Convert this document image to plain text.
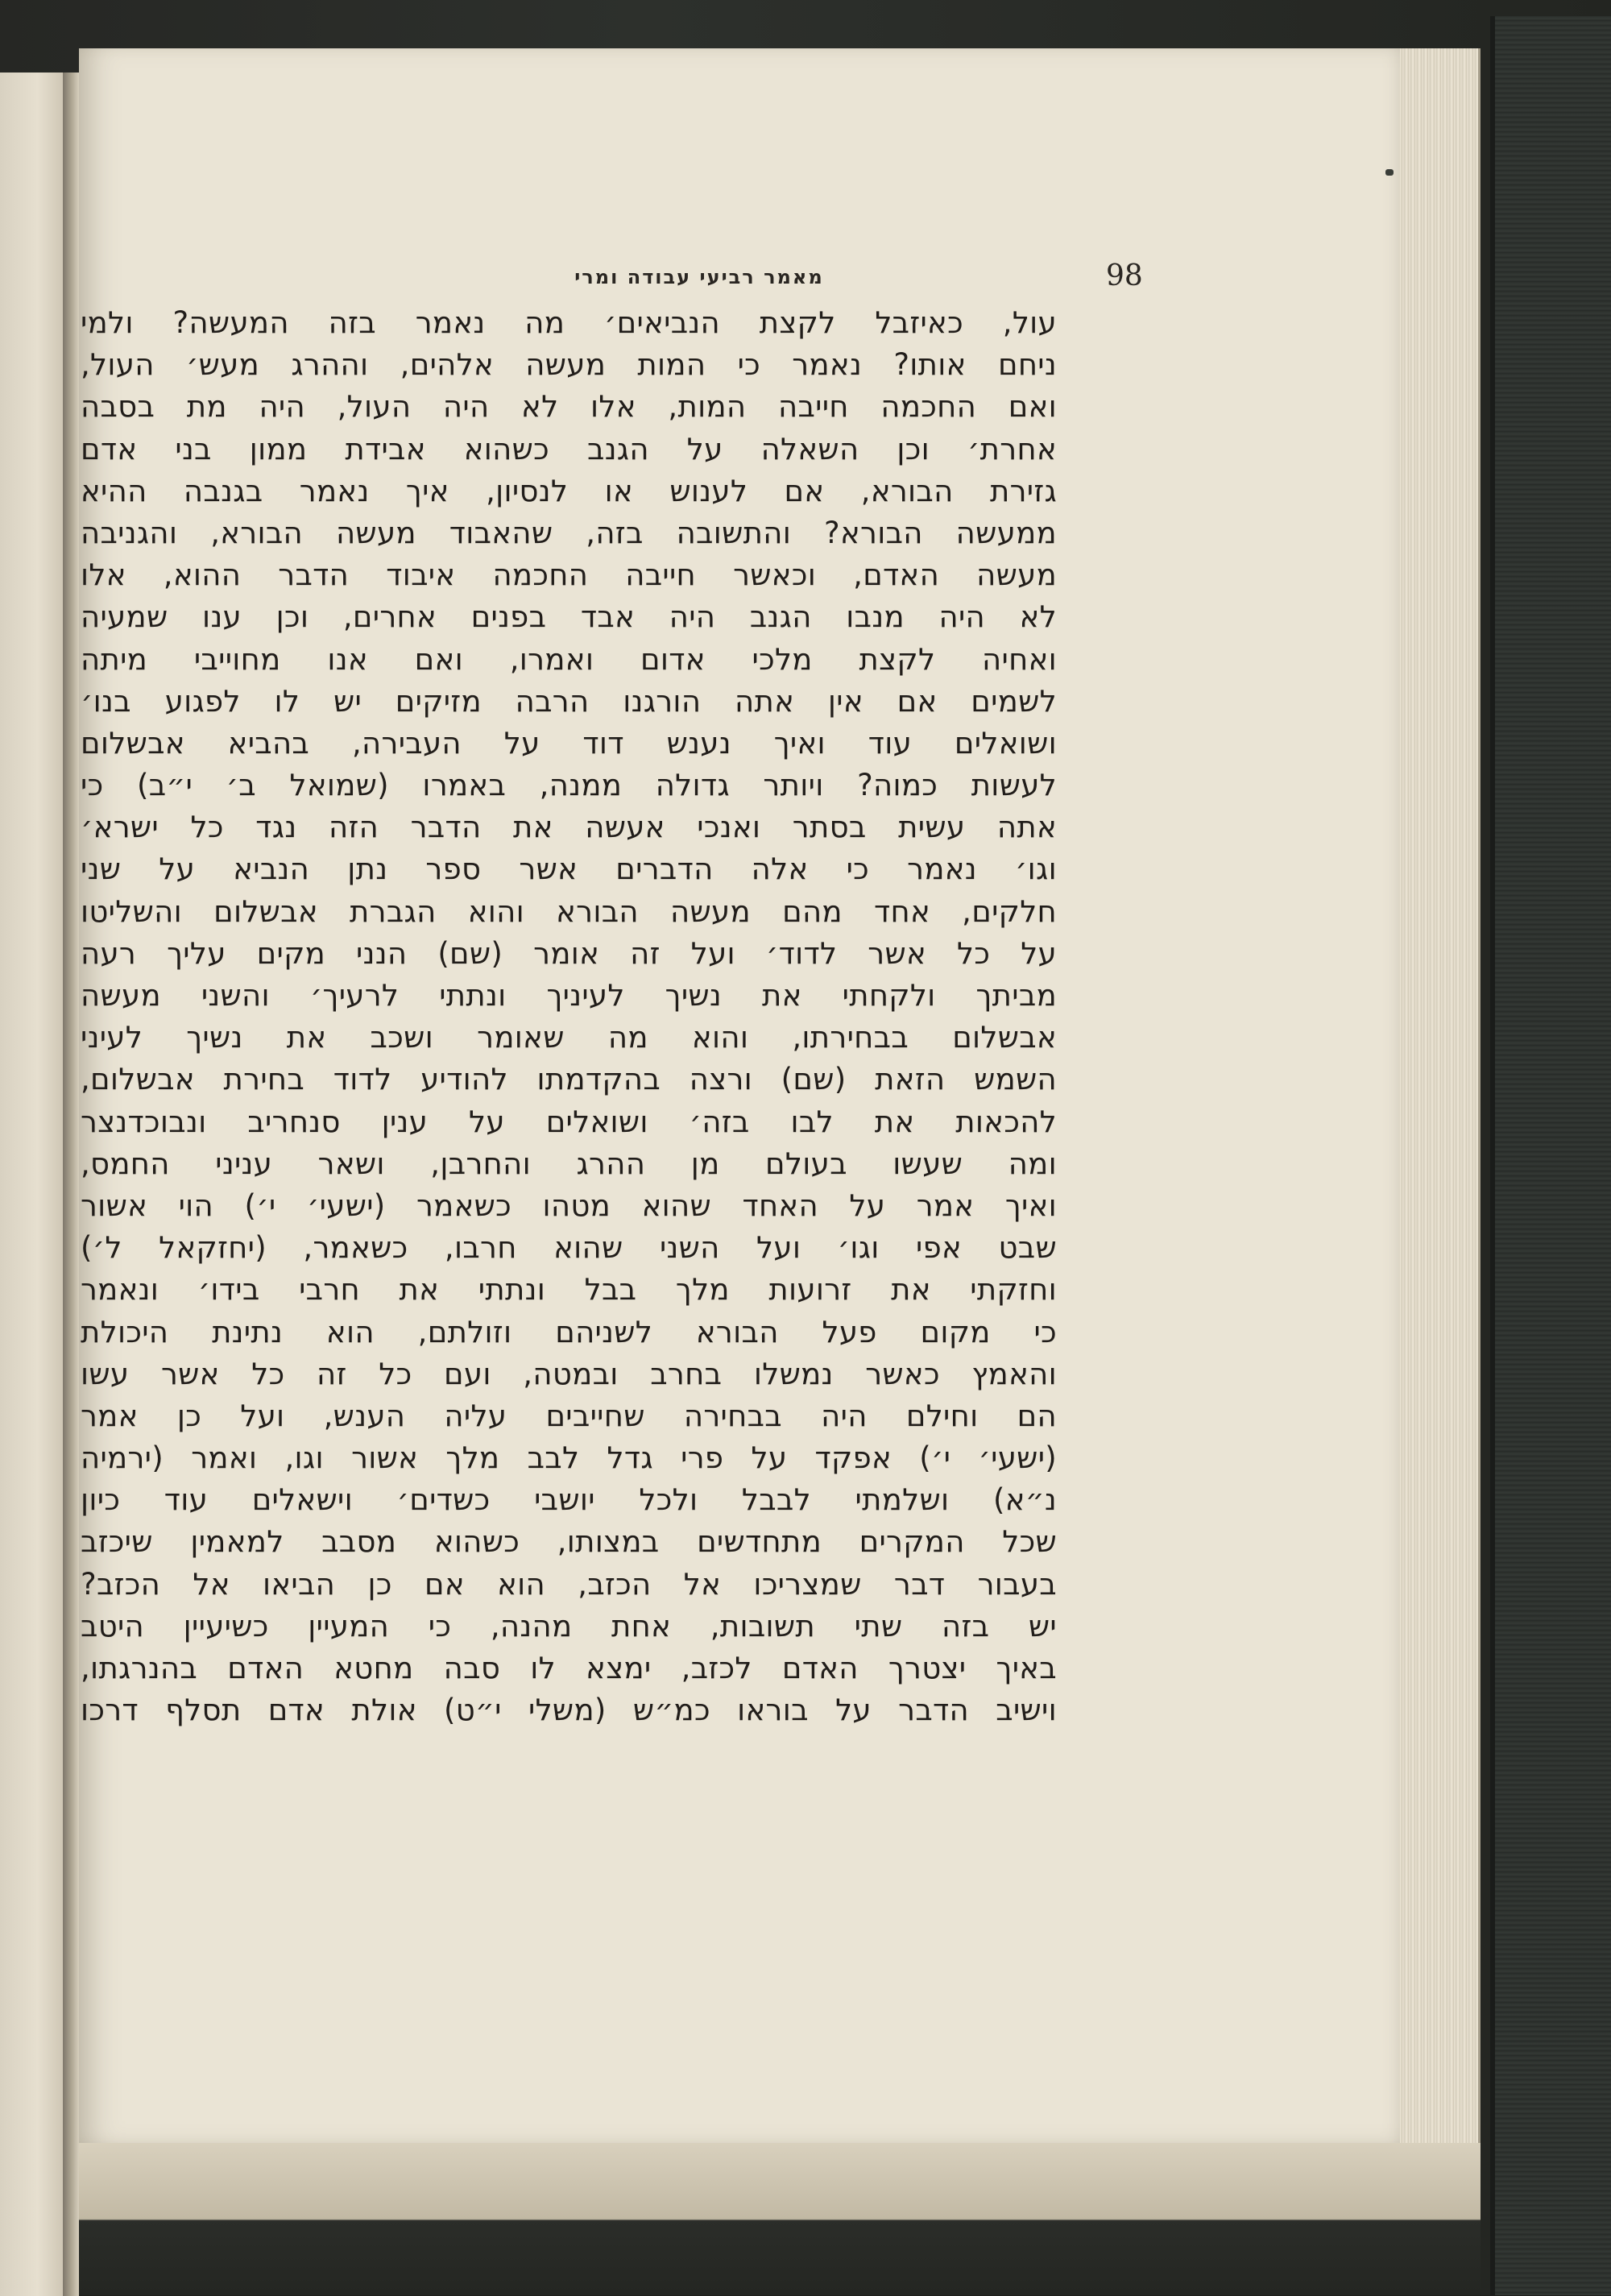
מאמר רביעי עבודה ומרי	98
עול, כאיזבל לקצת הנביאים׳ מה נאמר בזה המעשה? ולמי
ניחם אותו? נאמר כי המות מעשה אלהים, וההרג מעש׳ העול,
ואם החכמה חייבה המות, אלו לא היה העול, היה מת בסבה
אחרת׳ וכן השאלה על הגנב כשהוא אבידת ממון בני אדם
גזירת הבורא, אם לענוש או לנסיון, איך נאמר בגנבה ההיא
ממעשה הבורא? והתשובה בזה, שהאבוד מעשה הבורא, והגניבה
מעשה האדם, וכאשר חייבה החכמה איבוד הדבר ההוא, אלו
לא היה מנבו הגנב היה אבד בפנים אחרים, וכן ענו שמעיה
ואחיה לקצת מלכי אדום ואמרו, ואם אנו מחוייבי מיתה
לשמים אם אין אתה הורגנו הרבה מזיקים יש לו לפגוע בנו׳
ושואלים עוד ואיך נענש דוד על העבירה, בהביא אבשלום
לעשות כמוה? ויותר גדולה ממנה, באמרו (שמואל ב׳ י״ב) כי
אתה עשית בסתר ואנכי אעשה את הדבר הזה נגד כל ישרא׳
וגו׳ נאמר כי אלה הדברים אשר ספר נתן הנביא על שני
חלקים, אחד מהם מעשה הבורא והוא הגברת אבשלום והשליטו
על כל אשר לדוד׳ ועל זה אומר (שם) הנני מקים עליך רעה
מביתך ולקחתי את נשיך לעיניך ונתתי לרעיך׳ והשני מעשה
אבשלום בבחירתו, והוא מה שאומר ושכב את נשיך לעיני
השמש הזאת (שם) ורצה בהקדמתו להודיע לדוד בחירת אבשלום,
להכאות את לבו בזה׳ ושואלים על ענין סנחריב ונבוכדנצר
ומה שעשו בעולם מן ההרג והחרבן, ושאר עניני החמס,
ואיך אמר על האחד שהוא מטהו כשאמר (ישעי׳ י׳) הוי אשור
שבט אפי וגו׳ ועל השני שהוא חרבו, כשאמר, (יחזקאל ל׳)
וחזקתי את זרועות מלך בבל ונתתי את חרבי בידו׳ ונאמר
כי מקום פעל הבורא לשניהם וזולתם, הוא נתינת היכולת
והאמץ כאשר נמשלו בחרב ובמטה, ועם כל זה כל אשר עשו
הם וחילם היה בבחירה שחייבים עליה הענש, ועל כן אמר
(ישעי׳ י׳) אפקד על פרי גדל לבב מלך אשור וגו, ואמר (ירמיה
נ״א) ושלמתי לבבל ולכל יושבי כשדים׳ וישאלים עוד כיון
שכל המקרים מתחדשים במצותו, כשהוא מסבב למאמין שיכזב
בעבור דבר שמצריכו אל הכזב, הוא אם כן הביאו אל הכזב?
יש בזה שתי תשובות, אחת מהנה, כי המעיין כשיעיין היטב
באיך יצטרך האדם לכזב, ימצא לו סבה מחטא האדם בהנרגתו,
וישיב הדבר על בוראו כמ״ש (משלי י״ט) אולת אדם תסלף דרכו
